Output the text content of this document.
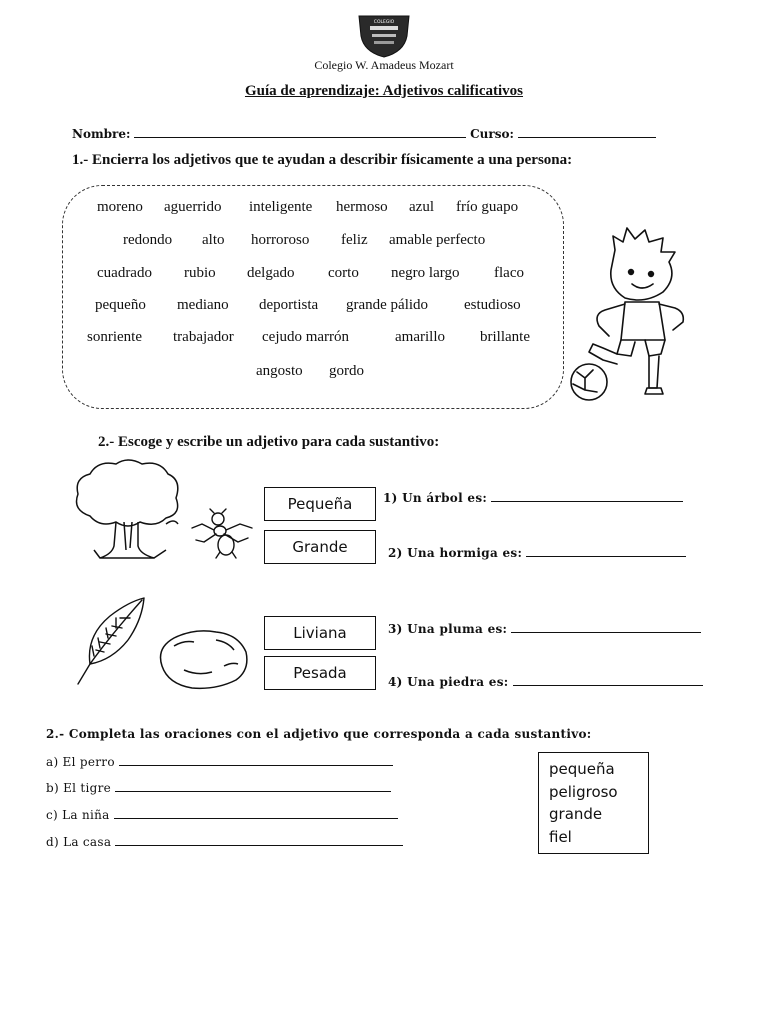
COLEGIO
Colegio W. Amadeus Mozart
Guía de aprendizaje: Adjetivos calificativos
Nombre:	Curso:
1.- Encierra los adjetivos que te ayudan a describir físicamente a una persona:
moreno aguerrido inteligente hermoso azul frío guapo
redondo alto horroroso feliz amable perfecto
cuadrado rubio delgado corto negro largo flaco
pequeño mediano deportista grande pálido estudioso
sonriente trabajador cejudo marrón	amarillo brillante
angosto gordo
2.- Escoge y escribe un adjetivo para cada sustantivo:
Pequeña
Grande
Liviana
Pesada
1) Un árbol es:
2) Una hormiga es:
3) Una pluma es:
4) Una piedra es:
2.- Completa las oraciones con el adjetivo que corresponda a cada sustantivo:
a) El perro
b) El tigre
c) La niña
d) La casa
pequeña
peligroso
grande
fiel
